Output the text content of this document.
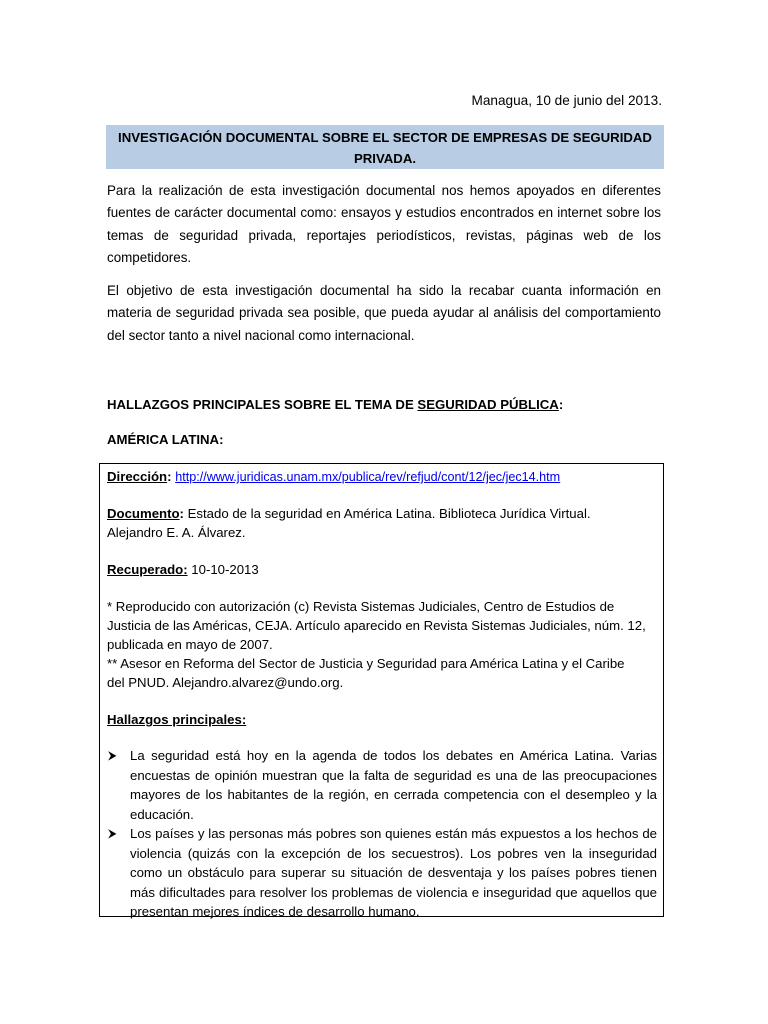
Managua, 10 de junio del 2013.
INVESTIGACIÓN DOCUMENTAL SOBRE EL SECTOR DE EMPRESAS DE SEGURIDAD
PRIVADA.
Para la realización de esta investigación documental nos hemos apoyados en diferentes fuentes de carácter documental como: ensayos y estudios encontrados en internet sobre los temas de seguridad privada, reportajes periodísticos, revistas, páginas web de los competidores.
El objetivo de esta investigación documental ha sido la recabar cuanta información en materia de seguridad privada sea posible, que pueda ayudar al análisis del comportamiento del sector tanto a nivel nacional como internacional.
HALLAZGOS PRINCIPALES SOBRE EL TEMA DE SEGURIDAD PÚBLICA:
AMÉRICA LATINA:
Dirección: http://www.juridicas.unam.mx/publica/rev/refjud/cont/12/jec/jec14.htm
Documento: Estado de la seguridad en América Latina. Biblioteca Jurídica Virtual.
Alejandro E. A. Álvarez.
Recuperado: 10-10-2013
* Reproducido con autorización (c) Revista Sistemas Judiciales, Centro de Estudios de
Justicia de las Américas, CEJA. Artículo aparecido en Revista Sistemas Judiciales, núm. 12,
publicada en mayo de 2007.
** Asesor en Reforma del Sector de Justicia y Seguridad para América Latina y el Caribe
del PNUD. Alejandro.alvarez@undo.org.
Hallazgos principales:
⮞ La seguridad está hoy en la agenda de todos los debates en América Latina. Varias encuestas de opinión muestran que la falta de seguridad es una de las preocupaciones mayores de los habitantes de la región, en cerrada competencia con el desempleo y la educación.
⮞ Los países y las personas más pobres son quienes están más expuestos a los hechos de violencia (quizás con la excepción de los secuestros). Los pobres ven la inseguridad como un obstáculo para superar su situación de desventaja y los países pobres tienen más dificultades para resolver los problemas de violencia e inseguridad que aquellos que presentan mejores índices de desarrollo humano.
